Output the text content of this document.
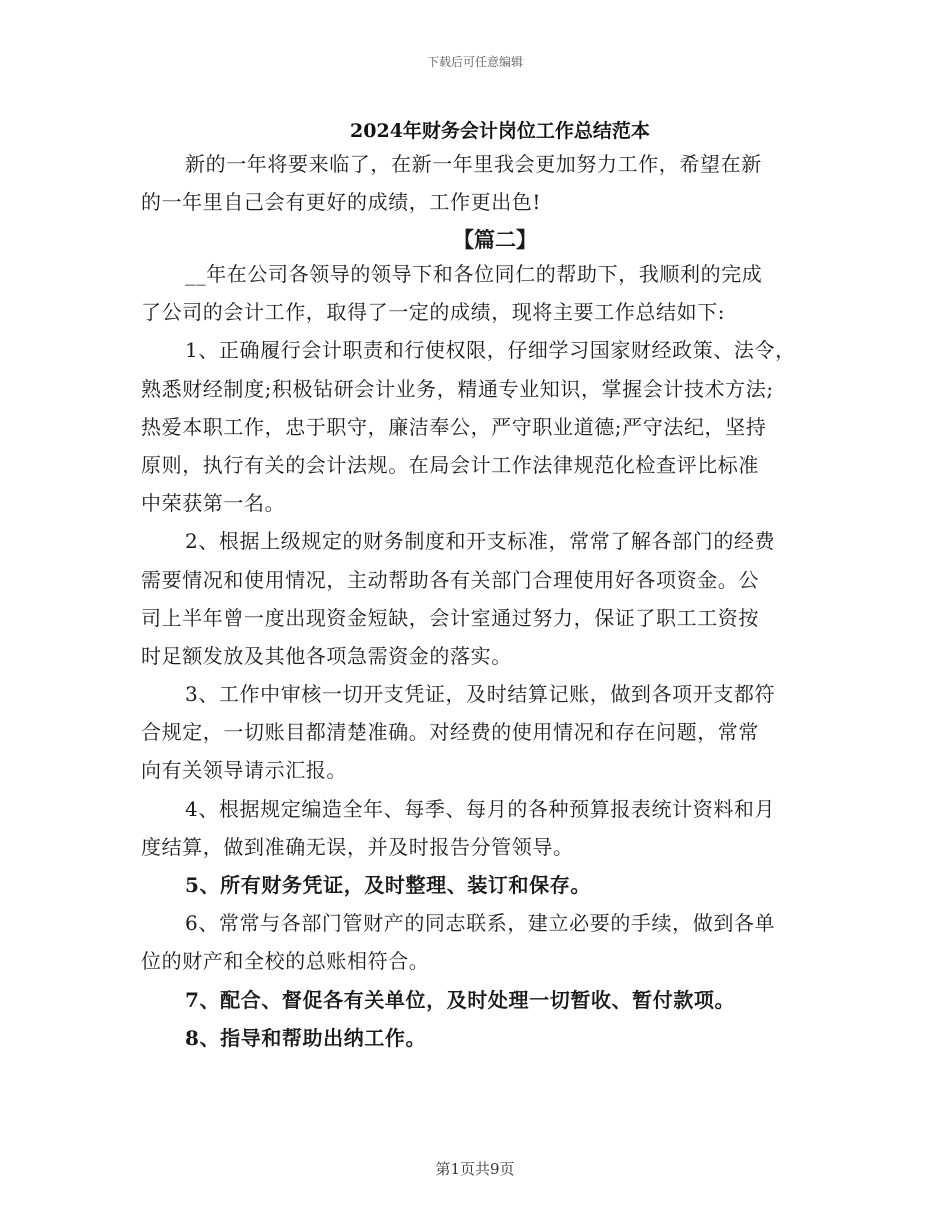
下载后可任意编辑
2024年财务会计岗位工作总结范本
新的一年将要来临了，在新一年里我会更加努力工作，希望在新
的一年里自己会有更好的成绩，工作更出色!
【篇二】
__年在公司各领导的领导下和各位同仁的帮助下，我顺利的完成
了公司的会计工作，取得了一定的成绩，现将主要工作总结如下:
1、正确履行会计职责和行使权限，仔细学习国家财经政策、法令，
熟悉财经制度;积极钻研会计业务，精通专业知识，掌握会计技术方法;
热爱本职工作，忠于职守，廉洁奉公，严守职业道德;严守法纪，坚持
原则，执行有关的会计法规。在局会计工作法律规范化检查评比标准
中荣获第一名。
2、根据上级规定的财务制度和开支标准，常常了解各部门的经费
需要情况和使用情况，主动帮助各有关部门合理使用好各项资金。公
司上半年曾一度出现资金短缺，会计室通过努力，保证了职工工资按
时足额发放及其他各项急需资金的落实。
3、工作中审核一切开支凭证，及时结算记账，做到各项开支都符
合规定，一切账目都清楚准确。对经费的使用情况和存在问题，常常
向有关领导请示汇报。
4、根据规定编造全年、每季、每月的各种预算报表统计资料和月
度结算，做到准确无误，并及时报告分管领导。
5、所有财务凭证，及时整理、装订和保存。
6、常常与各部门管财产的同志联系，建立必要的手续，做到各单
位的财产和全校的总账相符合。
7、配合、督促各有关单位，及时处理一切暂收、暂付款项。
8、指导和帮助出纳工作。
第1页共9页
